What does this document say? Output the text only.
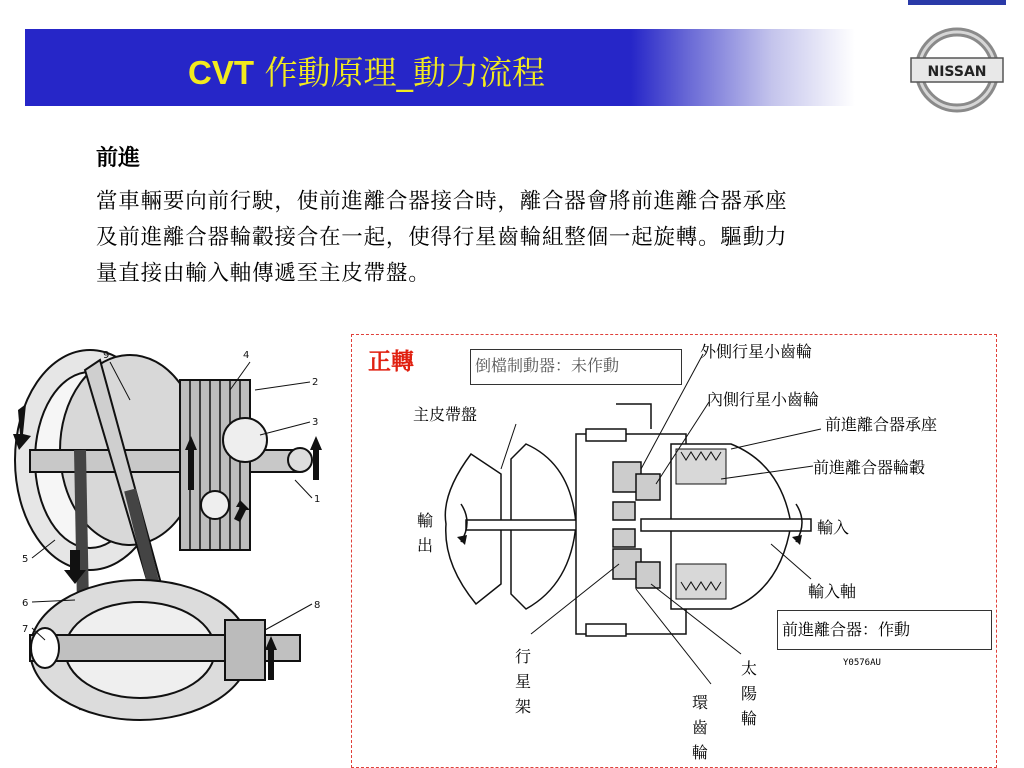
CVT 作動原理_動力流程	NISSAN
前進
當車輛要向前行駛，使前進離合器接合時，離合器會將前進離合器承座
及前進離合器輪轂接合在一起，使得行星齒輪組整個一起旋轉。驅動力
量直接由輸入軸傳遞至主皮帶盤。
9	4
2
3
1
5
6
7
8
正轉	倒檔制動器：未作動
外側行星小齒輪
內側行星小齒輪
主皮帶盤
前進離合器承座
前進離合器輪轂
輸出
輸入
輸入軸
前進離合器：作動
Y0576AU
行星架
太陽輪
環齒輪
